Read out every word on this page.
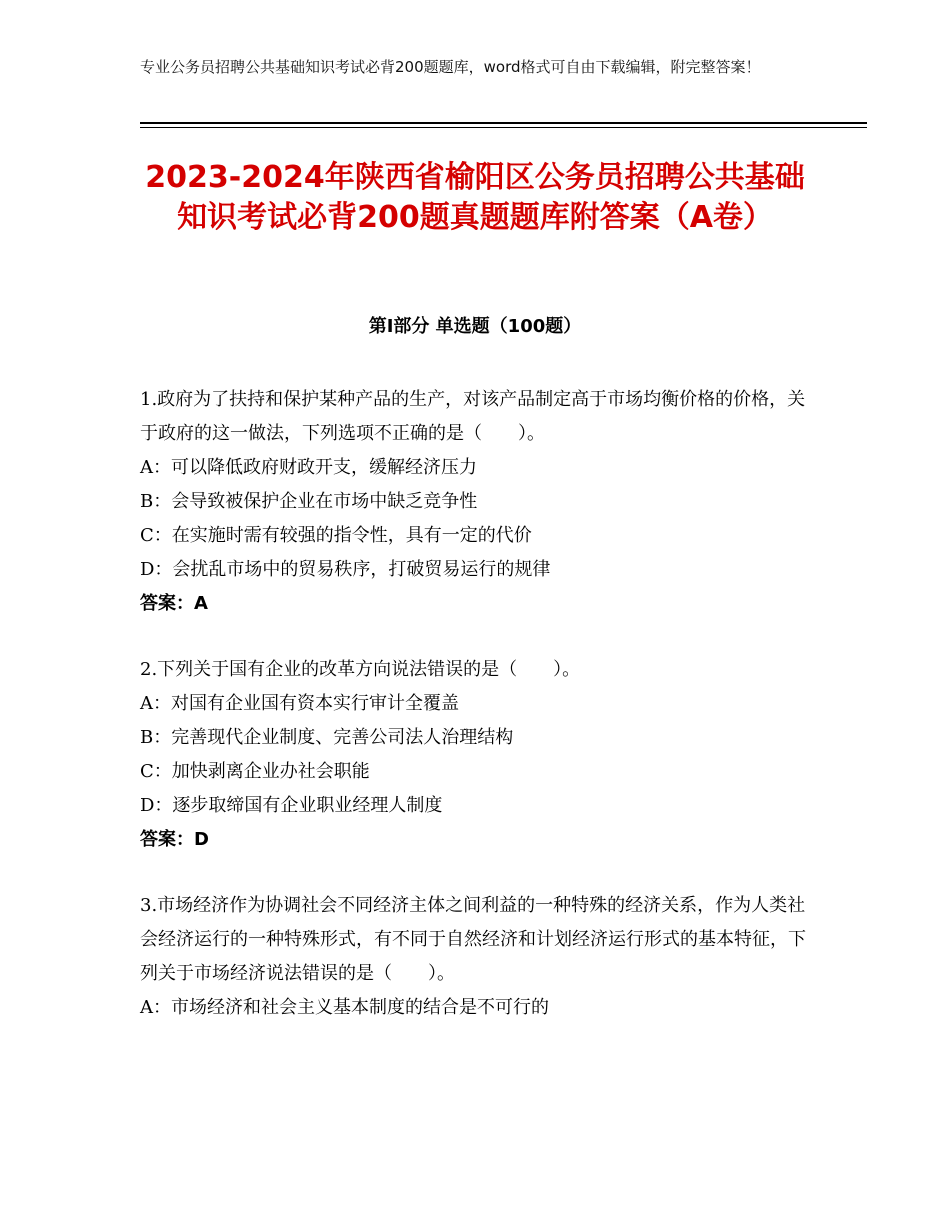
专业公务员招聘公共基础知识考试必背200题题库，word格式可自由下载编辑，附完整答案！
2023-2024年陕西省榆阳区公务员招聘公共基础知识考试必背200题真题题库附答案（A卷）
第Ⅰ部分 单选题（100题）

1.政府为了扶持和保护某种产品的生产，对该产品制定高于市场均衡价格的价格，关于政府的这一做法，下列选项不正确的是（　　）。

A：可以降低政府财政开支，缓解经济压力

B：会导致被保护企业在市场中缺乏竞争性

C：在实施时需有较强的指令性，具有一定的代价

D：会扰乱市场中的贸易秩序，打破贸易运行的规律

答案：A

2.下列关于国有企业的改革方向说法错误的是（　　）。

A：对国有企业国有资本实行审计全覆盖

B：完善现代企业制度、完善公司法人治理结构

C：加快剥离企业办社会职能

D：逐步取缔国有企业职业经理人制度

答案：D

3.市场经济作为协调社会不同经济主体之间利益的一种特殊的经济关系，作为人类社会经济运行的一种特殊形式，有不同于自然经济和计划经济运行形式的基本特征，下列关于市场经济说法错误的是（　　）。

A：市场经济和社会主义基本制度的结合是不可行的
